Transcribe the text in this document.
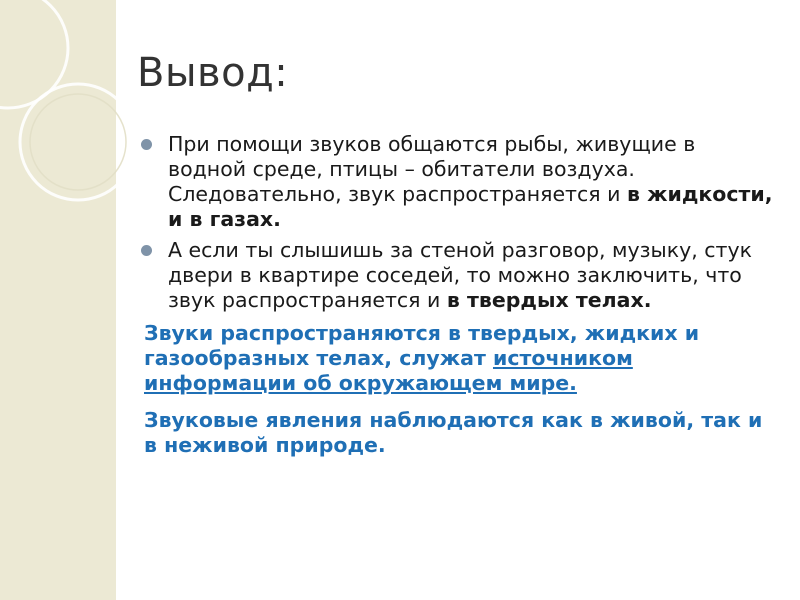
Вывод:
При помощи звуков общаются рыбы, живущие в водной среде, птицы – обитатели воздуха. Следовательно, звук распространяется и в жидкости, и в газах.
А если ты слышишь за стеной разговор, музыку, стук двери в квартире соседей, то можно заключить, что звук распространяется и в твердых телах.
Звуки распространяются в твердых, жидких и газообразных телах, служат источником информации об окружающем мире.
Звуковые явления наблюдаются как в живой, так и в неживой природе.
